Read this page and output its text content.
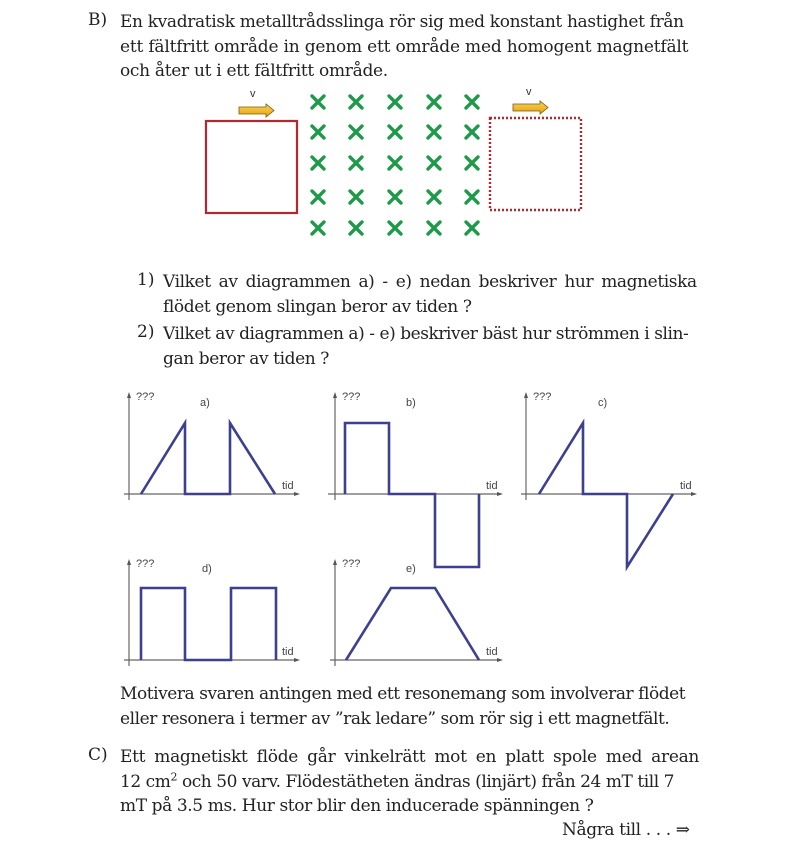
B) En kvadratisk metalltrådsslinga rör sig med konstant hastighet från
ett fältfritt område in genom ett område med homogent magnetfält
och åter ut i ett fältfritt område.
v	v
1) Vilket av diagrammen a) - e) nedan beskriver hur magnetiska
flödet genom slingan beror av tiden ?
2) Vilket av diagrammen a) - e) beskriver bäst hur strömmen i slin-
gan beror av tiden ?
???	a)
tid
???	b)
tid
???	c)
tid
???	d)
tid
???	e)
tid
Motivera svaren antingen med ett resonemang som involverar flödet
eller resonera i termer av ”rak ledare” som rör sig i ett magnetfält.
C) Ett magnetiskt flöde går vinkelrätt mot en platt spole med arean
12 $cm^2$ och 50 varv. Flödestätheten ändras (linjärt) från 24 mT till 7
mT på 3.5 ms. Hur stor blir den inducerade spänningen ?
Några till . . . ⇒
